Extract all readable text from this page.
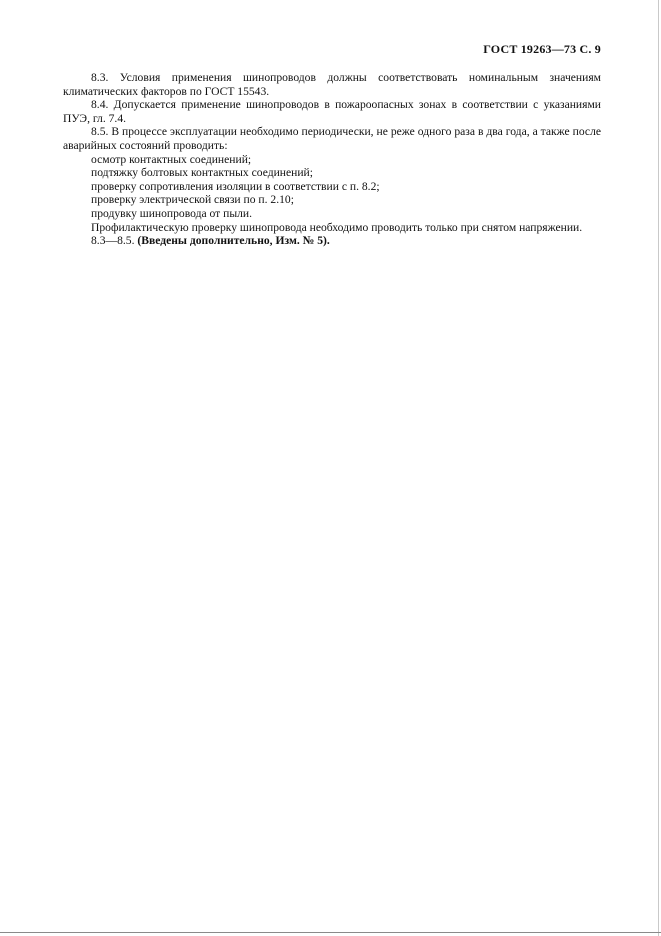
ГОСТ 19263—73 С. 9

8.3. Условия применения шинопроводов должны соответствовать номинальным значениям климатических факторов по ГОСТ 15543.

8.4. Допускается применение шинопроводов в пожароопасных зонах в соответствии с указаниями ПУЭ, гл. 7.4.

8.5. В процессе эксплуатации необходимо периодически, не реже одного раза в два года, а также после аварийных состояний проводить:

осмотр контактных соединений;

подтяжку болтовых контактных соединений;

проверку сопротивления изоляции в соответствии с п. 8.2;

проверку электрической связи по п. 2.10;

продувку шинопровода от пыли.

Профилактическую проверку шинопровода необходимо проводить только при снятом напряжении.

8.3—8.5. (Введены дополнительно, Изм. № 5).
